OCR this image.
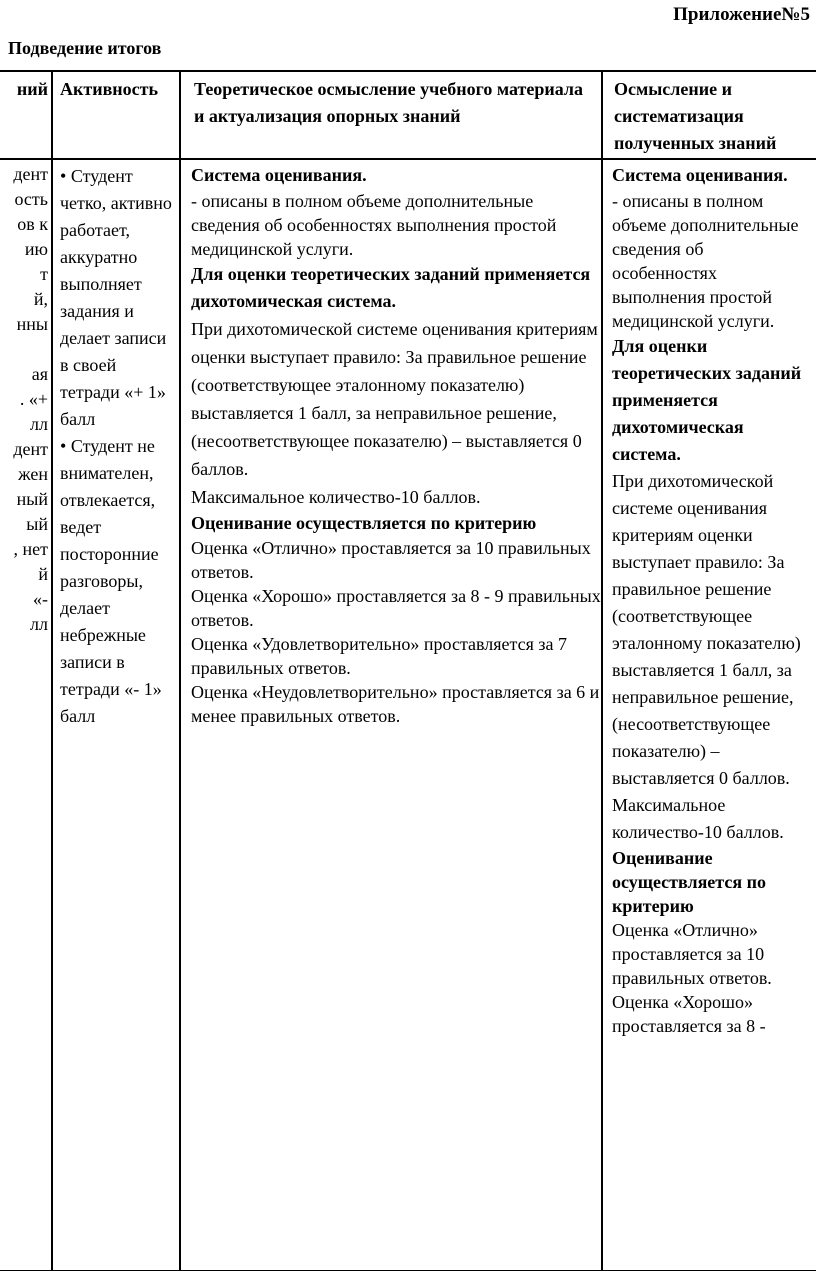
Приложение№5
Подведение итогов
ний Активность	Теоретическое осмысление учебного материала и актуализация опорных знаний
Осмысление и систематизация полученных знаний

дент

ость

ов к

ию

т

й,

нны

ая

. «+

лл

дент

жен

ный

ый

, нет

й

«-

лл

• Студент четко, активно работает, аккуратно выполняет задания и делает записи в своей тетради «+ 1» балл

• Студент не внимателен, отвлекается, ведет посторонние разговоры, делает небрежные записи в тетради «- 1» балл

Система оценивания.

- описаны в полном объеме дополнительные сведения об особенностях выполнения простой медицинской услуги.

Для оценки теоретических заданий применяется дихотомическая система.

При дихотомической системе оценивания критериям оценки выступает правило: За правильное решение (соответствующее эталонному показателю) выставляется 1 балл, за неправильное решение, (несоответствующее показателю) – выставляется 0 баллов.

Максимальное количество-10 баллов.

Оценивание осуществляется по критерию

Оценка «Отлично» проставляется за 10 правильных ответов.

Оценка «Хорошо» проставляется за 8 - 9 правильных ответов.

Оценка «Удовлетворительно» проставляется за 7 правильных ответов.

Оценка «Неудовлетворительно» проставляется за 6 и менее правильных ответов.

Система оценивания.

- описаны в полном объеме дополнительные сведения об особенностях выполнения простой медицинской услуги.

Для оценки теоретических заданий применяется дихотомическая система.

При дихотомической системе оценивания критериям оценки выступает правило: За правильное решение (соответствующее эталонному показателю) выставляется 1 балл, за неправильное решение, (несоответствующее показателю) – выставляется 0 баллов.

Максимальное количество-10 баллов.

Оценивание осуществляется по критерию

Оценка «Отлично» проставляется за 10 правильных ответов.

Оценка «Хорошо» проставляется за 8 -
